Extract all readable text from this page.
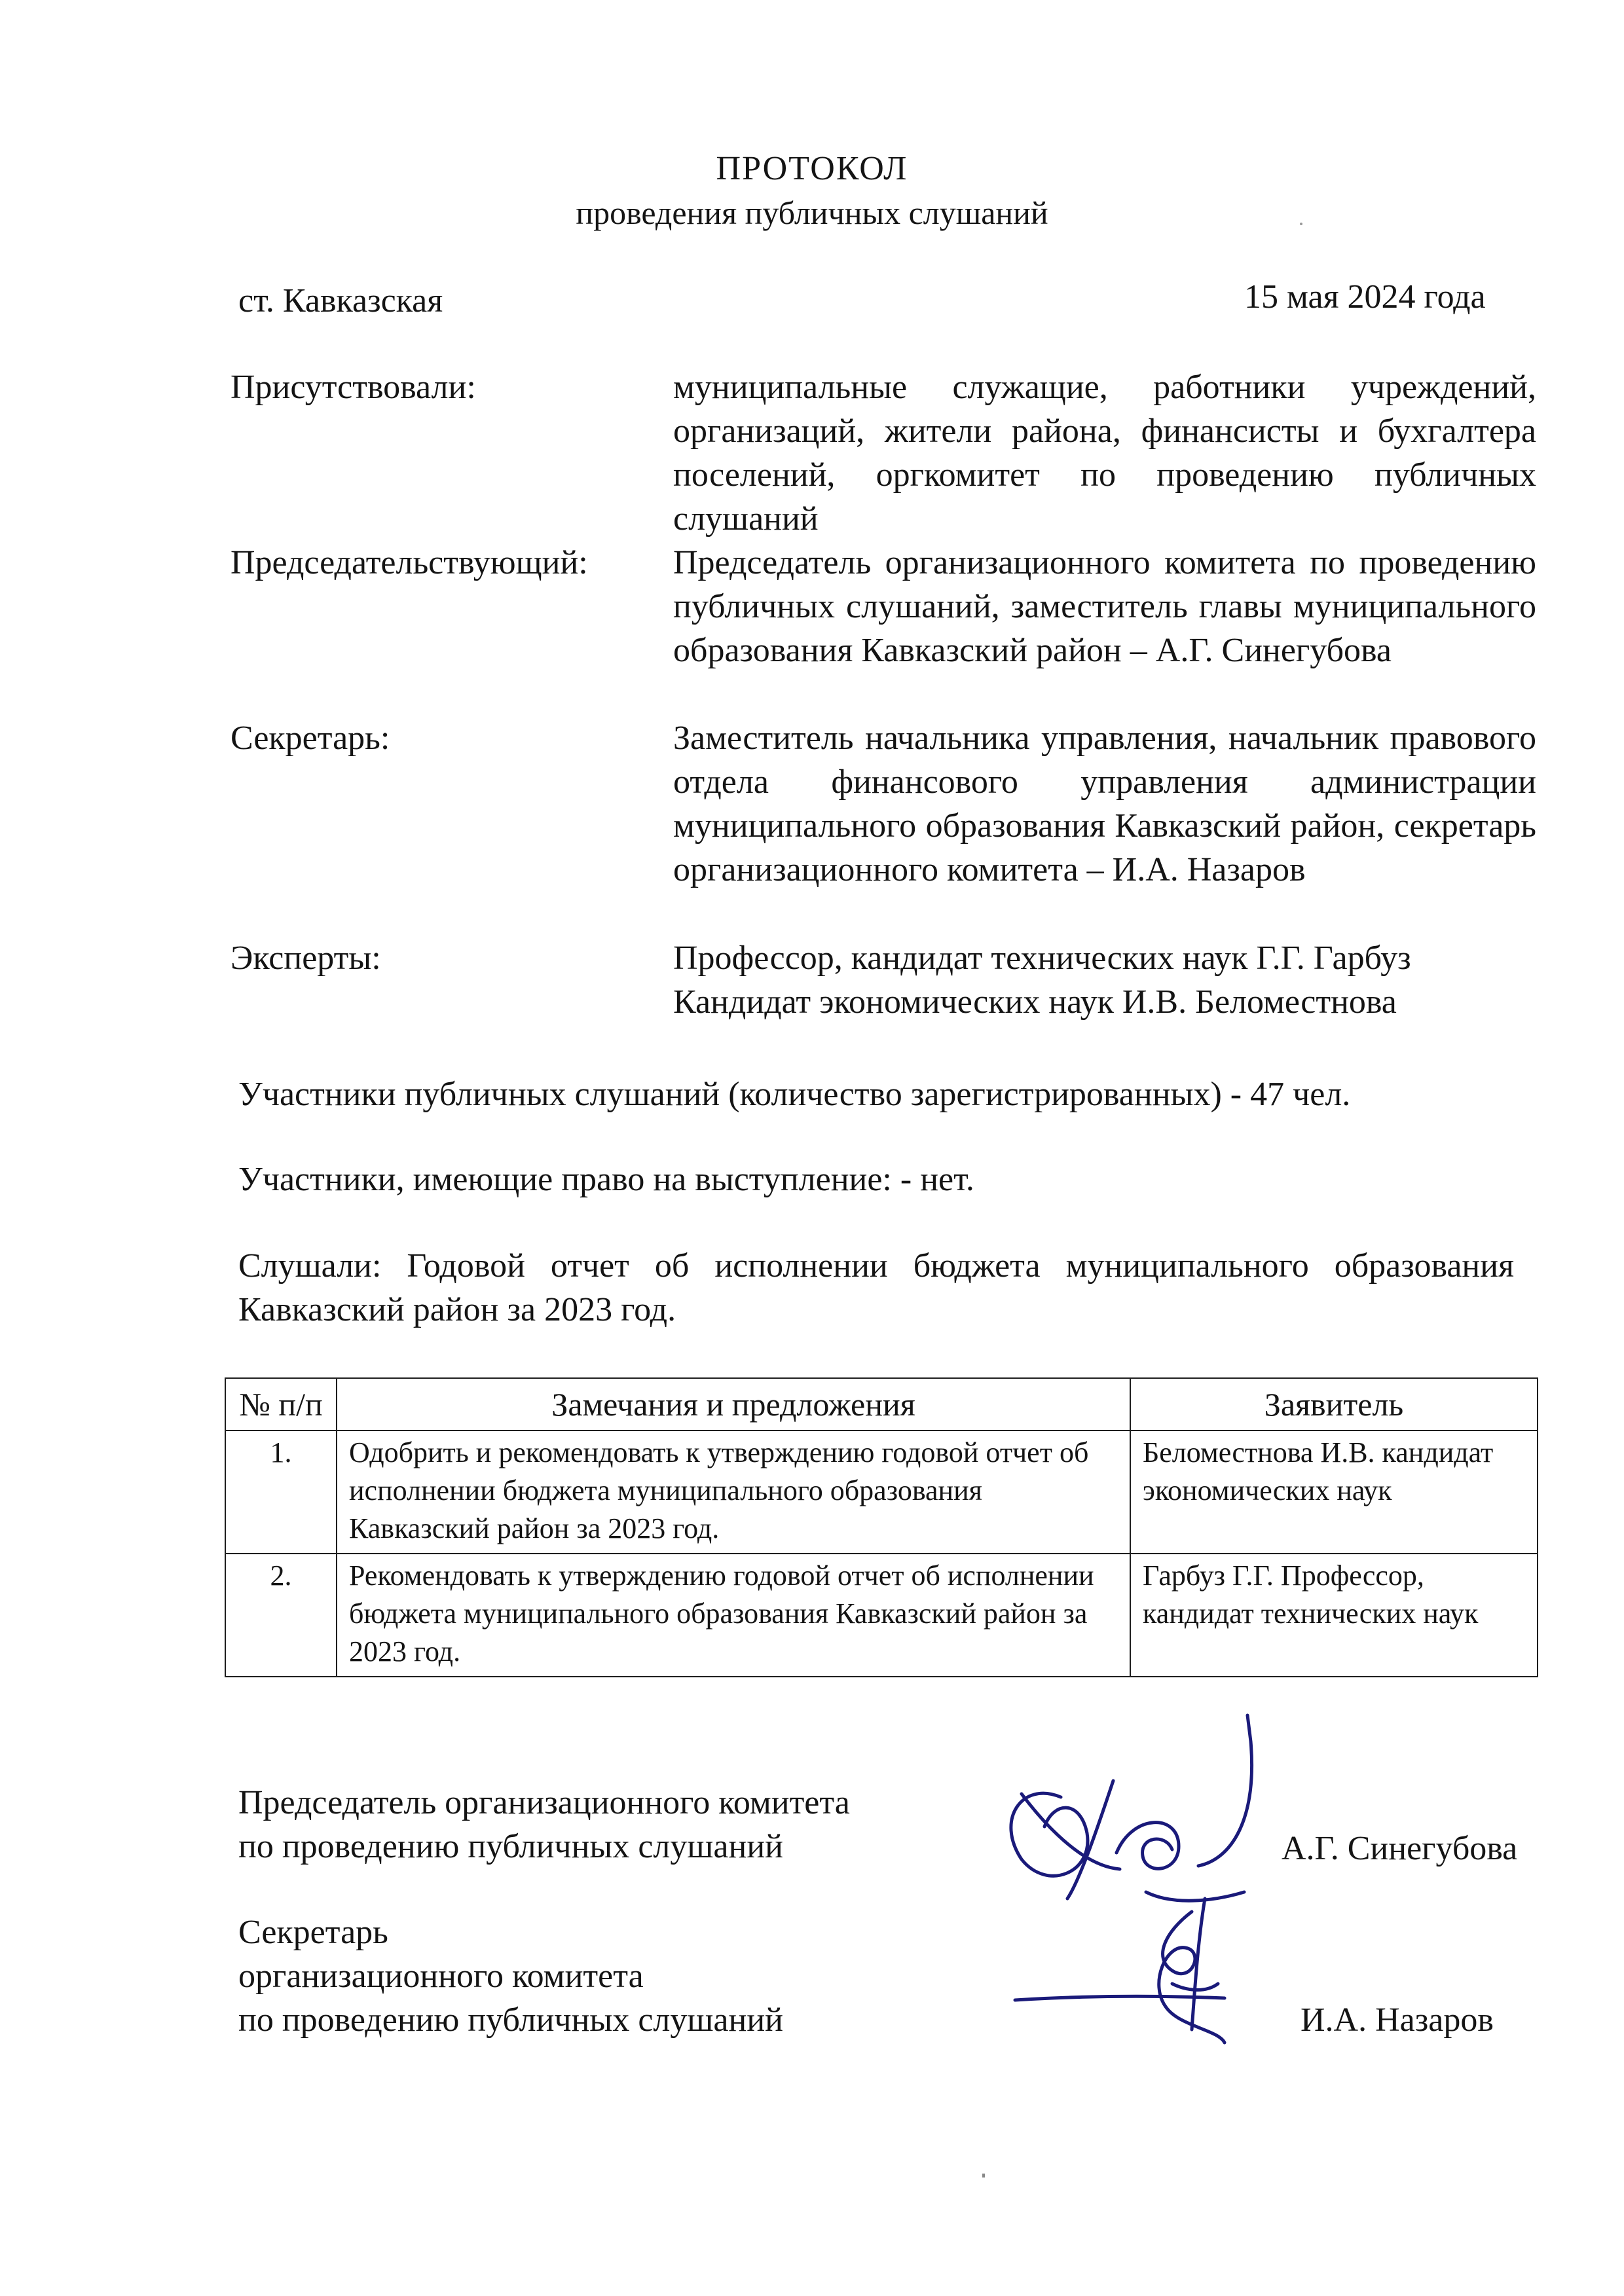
ПРОТОКОЛ
проведения публичных слушаний
ст. Кавказская	15 мая 2024 года
Присутствовали:	муниципальные служащие, работники учреждений, организаций, жители района, финансисты и бухгалтера поселений, оргкомитет по проведению публичных слушаний
Председательствующий:	Председатель организационного комитета по проведению публичных слушаний, заместитель главы муниципального образования Кавказский район – А.Г. Синегубова
Секретарь:	Заместитель начальника управления, начальник правового отдела финансового управления администрации муниципального образования Кавказский район, секретарь организационного комитета – И.А. Назаров
Эксперты:	Профессор, кандидат технических наук Г.Г. Гарбуз
Кандидат экономических наук И.В. Беломестнова
Участники публичных слушаний (количество зарегистрированных) - 47 чел.
Участники, имеющие право на выступление: - нет.
Слушали: Годовой отчет об исполнении бюджета муниципального образования Кавказский район за 2023 год.
№ п/п	Замечания и предложения	Заявитель
1.	Одобрить и рекомендовать к утверждению годовой отчет об исполнении бюджета муниципального образования Кавказский район за 2023 год.	Беломестнова И.В. кандидат экономических наук
2.	Рекомендовать к утверждению годовой отчет об исполнении бюджета муниципального образования Кавказский район за 2023 год.	Гарбуз Г.Г. Профессор, кандидат технических наук
Председатель организационного комитета
по проведению публичных слушаний	А.Г. Синегубова
Секретарь
организационного комитета
по проведению публичных слушаний	И.А. Назаров
